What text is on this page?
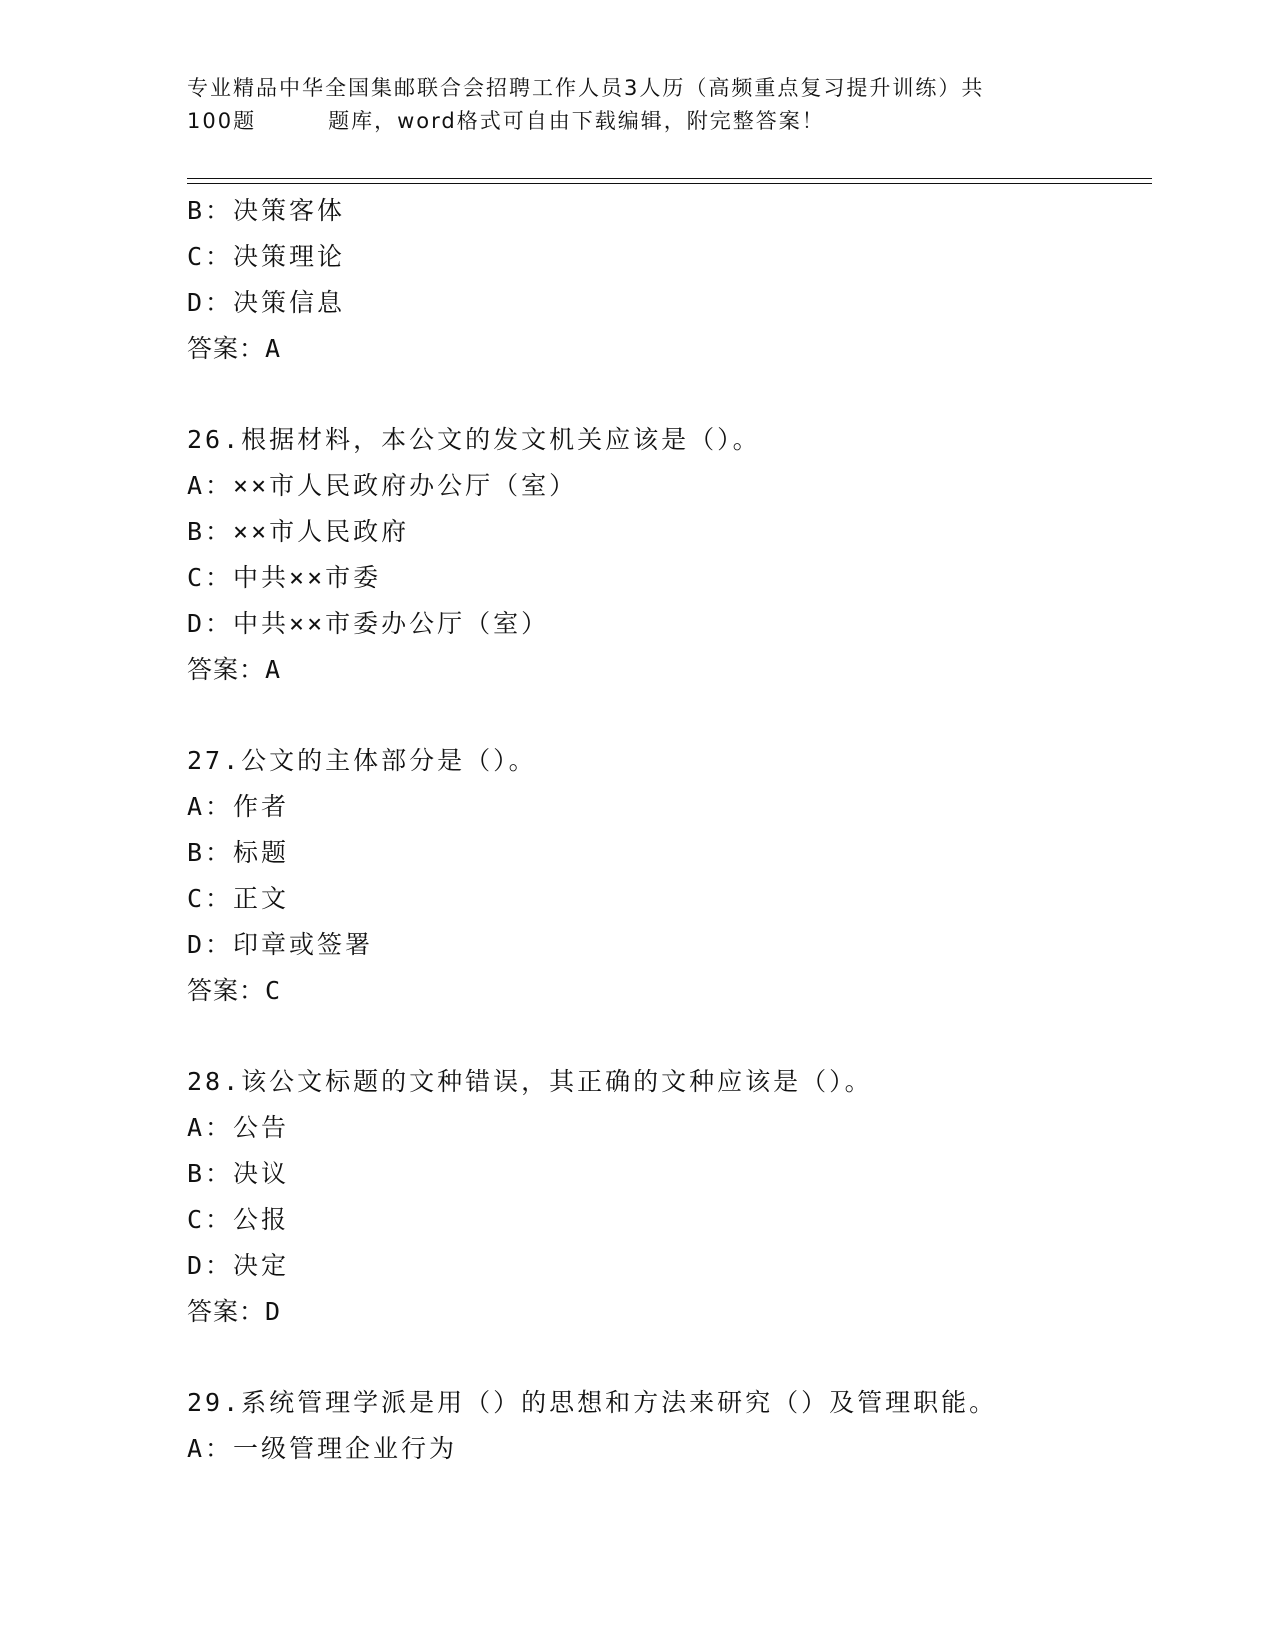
专业精品中华全国集邮联合会招聘工作人员3人历（高频重点复习提升训练）共
100题	题库，word格式可自由下载编辑，附完整答案！
B：决策客体
C：决策理论
D：决策信息
答案：A
26.根据材料，本公文的发文机关应该是（）。
A：××市人民政府办公厅（室）
B：××市人民政府
C：中共××市委
D：中共××市委办公厅（室）
答案：A
27.公文的主体部分是（）。
A：作者
B：标题
C：正文
D：印章或签署
答案：C
28.该公文标题的文种错误，其正确的文种应该是（）。
A：公告
B：决议
C：公报
D：决定
答案：D
29.系统管理学派是用（）的思想和方法来研究（）及管理职能。
A：一级管理企业行为
